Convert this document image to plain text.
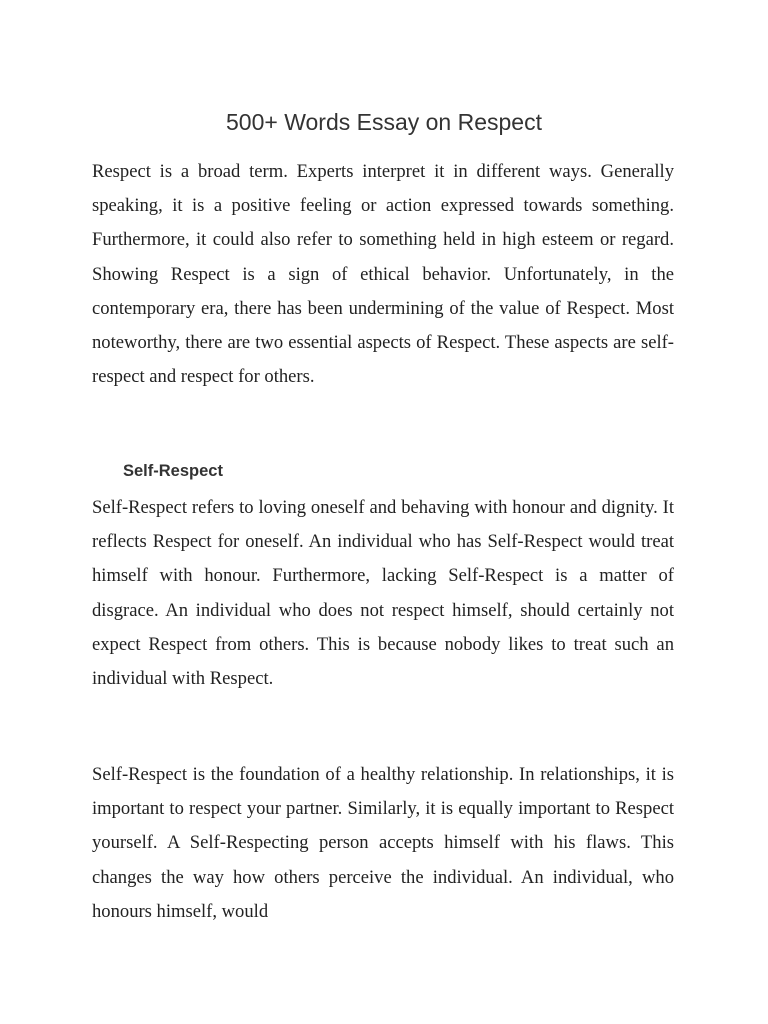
500+ Words Essay on Respect

Respect is a broad term. Experts interpret it in different ways. Generally speaking, it is a positive feeling or action expressed towards something. Furthermore, it could also refer to something held in high esteem or regard. Showing Respect is a sign of ethical behavior. Unfortunately, in the contemporary era, there has been undermining of the value of Respect. Most noteworthy, there are two essential aspects of Respect. These aspects are self-respect and respect for others.

Self-Respect

Self-Respect refers to loving oneself and behaving with honour and dignity. It reflects Respect for oneself. An individual who has Self-Respect would treat himself with honour. Furthermore, lacking Self-Respect is a matter of disgrace. An individual who does not respect himself, should certainly not expect Respect from others. This is because nobody likes to treat such an individual with Respect.

Self-Respect is the foundation of a healthy relationship. In relationships, it is important to respect your partner. Similarly, it is equally important to Respect yourself. A Self-Respecting person accepts himself with his flaws. This changes the way how others perceive the individual. An individual, who honours himself, would
